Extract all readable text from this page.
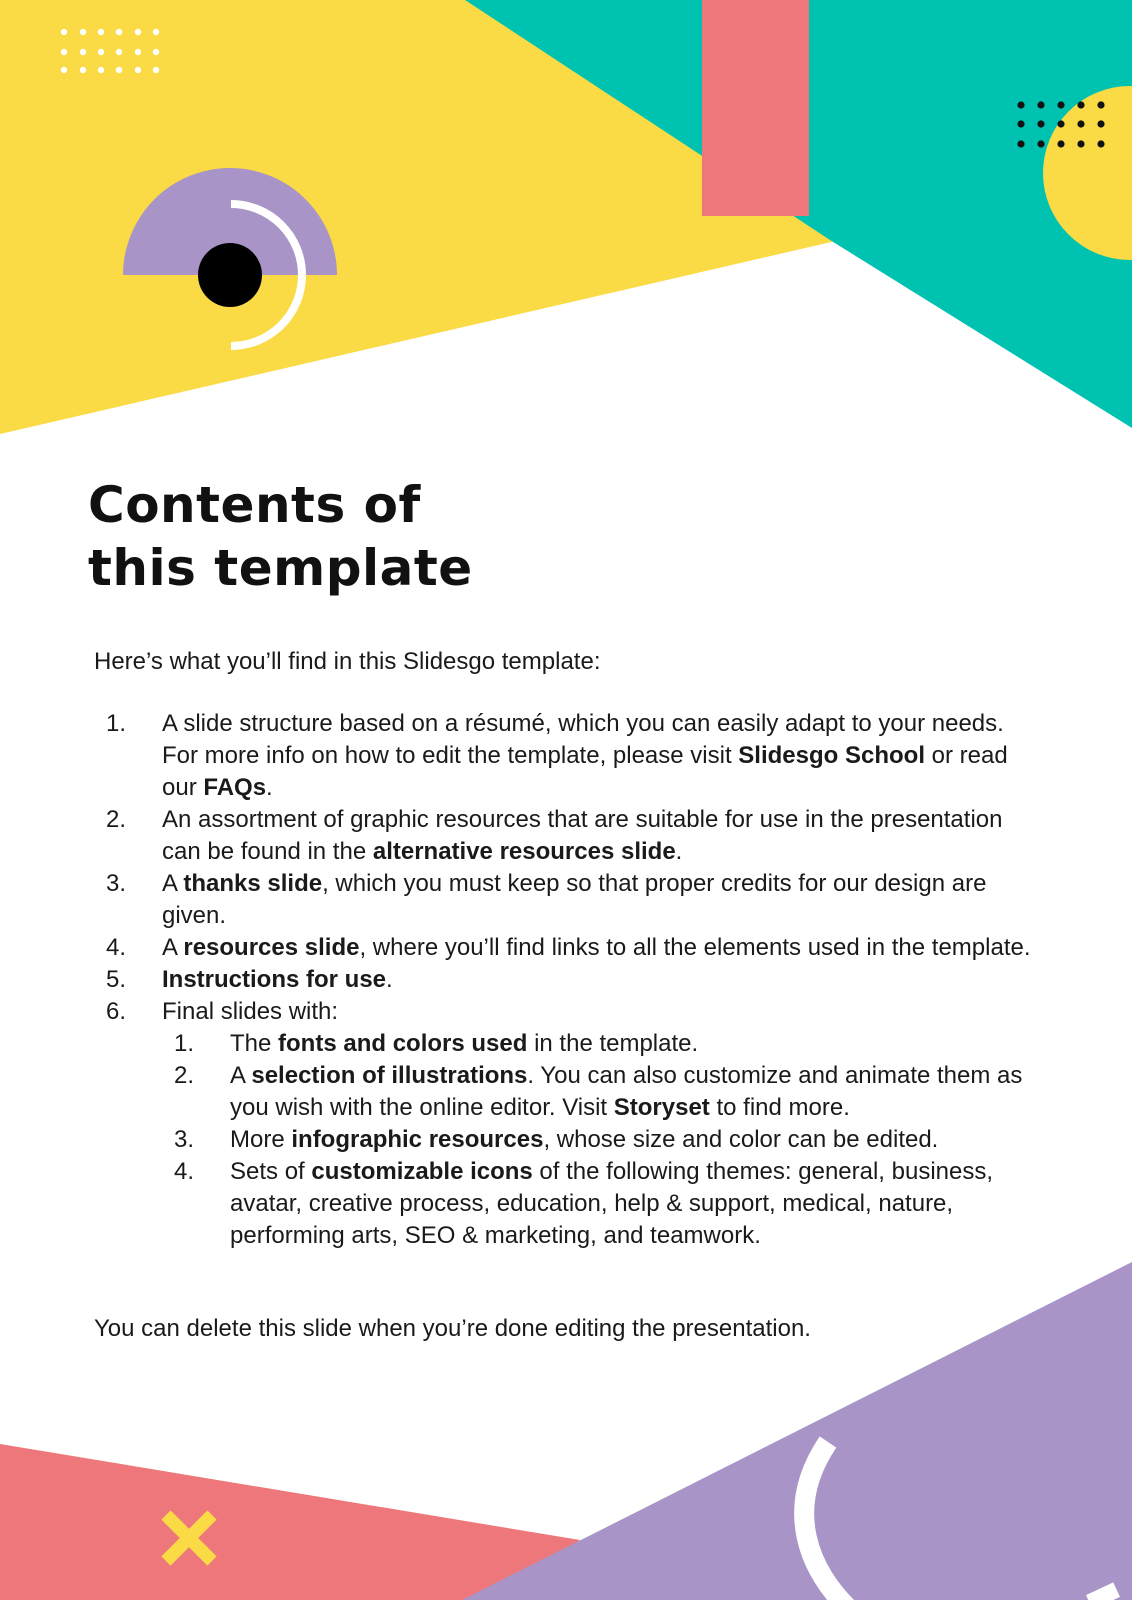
Contents of
this template

Here’s what you’ll find in this Slidesgo template:

1. A slide structure based on a résumé, which you can easily adapt to your needs. For more info on how to edit the template, please visit Slidesgo School or read our FAQs.
2. An assortment of graphic resources that are suitable for use in the presentation can be found in the alternative resources slide.
3. A thanks slide, which you must keep so that proper credits for our design are given.
4. A resources slide, where you’ll find links to all the elements used in the template.
5. Instructions for use.
6. Final slides with:
1. The fonts and colors used in the template.
2. A selection of illustrations. You can also customize and animate them as you wish with the online editor. Visit Storyset to find more.
3. More infographic resources, whose size and color can be edited.
4. Sets of customizable icons of the following themes: general, business, avatar, creative process, education, help & support, medical, nature, performing arts, SEO & marketing, and teamwork.

You can delete this slide when you’re done editing the presentation.
